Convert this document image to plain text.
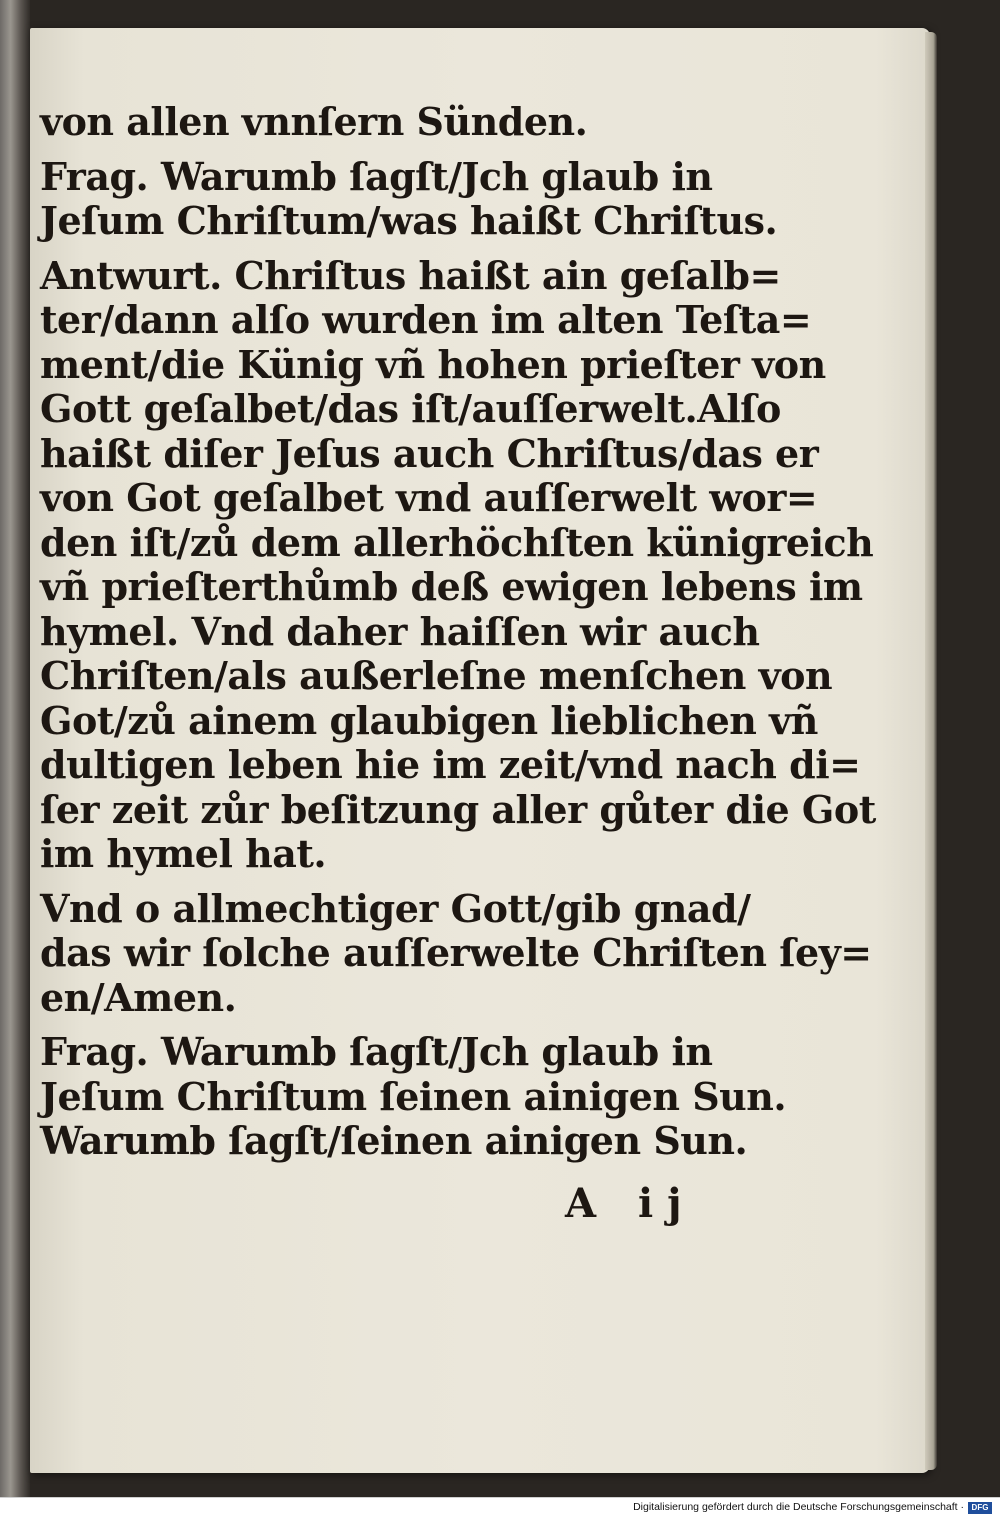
von allen vnnſern Sünden.
Frag. Warumb ſagſt/Jch glaub in
Jeſum Chriſtum/was haißt Chriſtus.
Antwurt. Chriſtus haißt ain geſalb=
ter/dann alſo wurden im alten Teſta=
ment/die Künig vñ hohen prieſter von
Gott geſalbet/das iſt/auſſerwelt.Alſo
haißt diſer Jeſus auch Chriſtus/das er
von Got geſalbet vnd auſſerwelt wor=
den iſt/zů dem allerhöchſten künigreich
vñ prieſterthůmb deß ewigen lebens im
hymel. Vnd daher haiſſen wir auch
Chriſten/als außerleſne menſchen von
Got/zů ainem glaubigen lieblichen vñ
dultigen leben hie im zeit/vnd nach di=
ſer zeit zůr beſitzung aller gůter die Got
im hymel hat.
Vnd o allmechtiger Gott/gib gnad/
das wir ſolche auſſerwelte Chriſten ſey=
en/Amen.
Frag. Warumb ſagſt/Jch glaub in
Jeſum Chriſtum ſeinen ainigen Sun.
Warumb ſagſt/ſeinen ainigen Sun.
A ij
Digitalisierung gefördert durch die Deutsche Forschungsgemeinschaft · DFG
